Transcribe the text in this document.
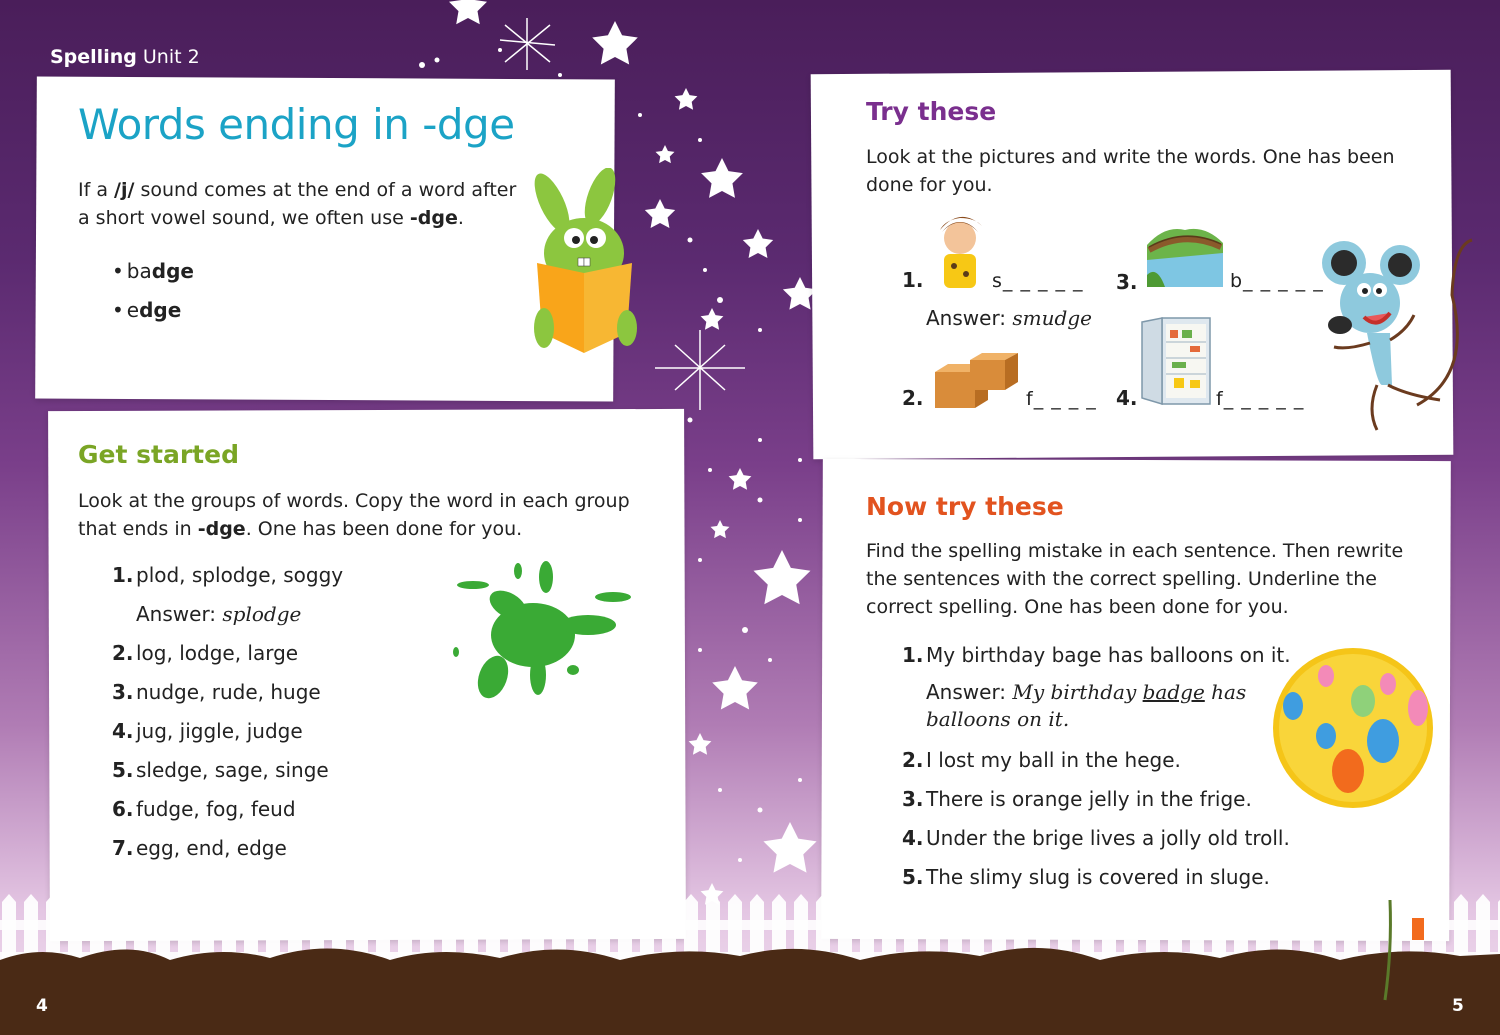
Spelling Unit 2
Words ending in -dge
If a /j/ sound comes at the end of a word after a short vowel sound, we often use -dge.
• badge
• edge
Get started
Look at the groups of words. Copy the word in each group that ends in -dge. One has been done for you.
1. plod, splodge, soggy
Answer: splodge
2. log, lodge, large
3. nudge, rude, huge
4. jug, jiggle, judge
5. sledge, sage, singe
6. fudge, fog, feud
7. egg, end, edge
Try these
Look at the pictures and write the words. One has been done for you.
1.	s_ _ _ _ _
Answer: smudge
2.	f_ _ _ _
3.	b_ _ _ _ _
4.	f_ _ _ _ _
Now try these
Find the spelling mistake in each sentence. Then rewrite the sentences with the correct spelling. Underline the correct spelling. One has been done for you.
1. My birthday bage has balloons on it.
Answer: My birthday badge has balloons on it.
2. I lost my ball in the hege.
3. There is orange jelly in the frige.
4. Under the brige lives a jolly old troll.
5. The slimy slug is covered in sluge.
4	5
